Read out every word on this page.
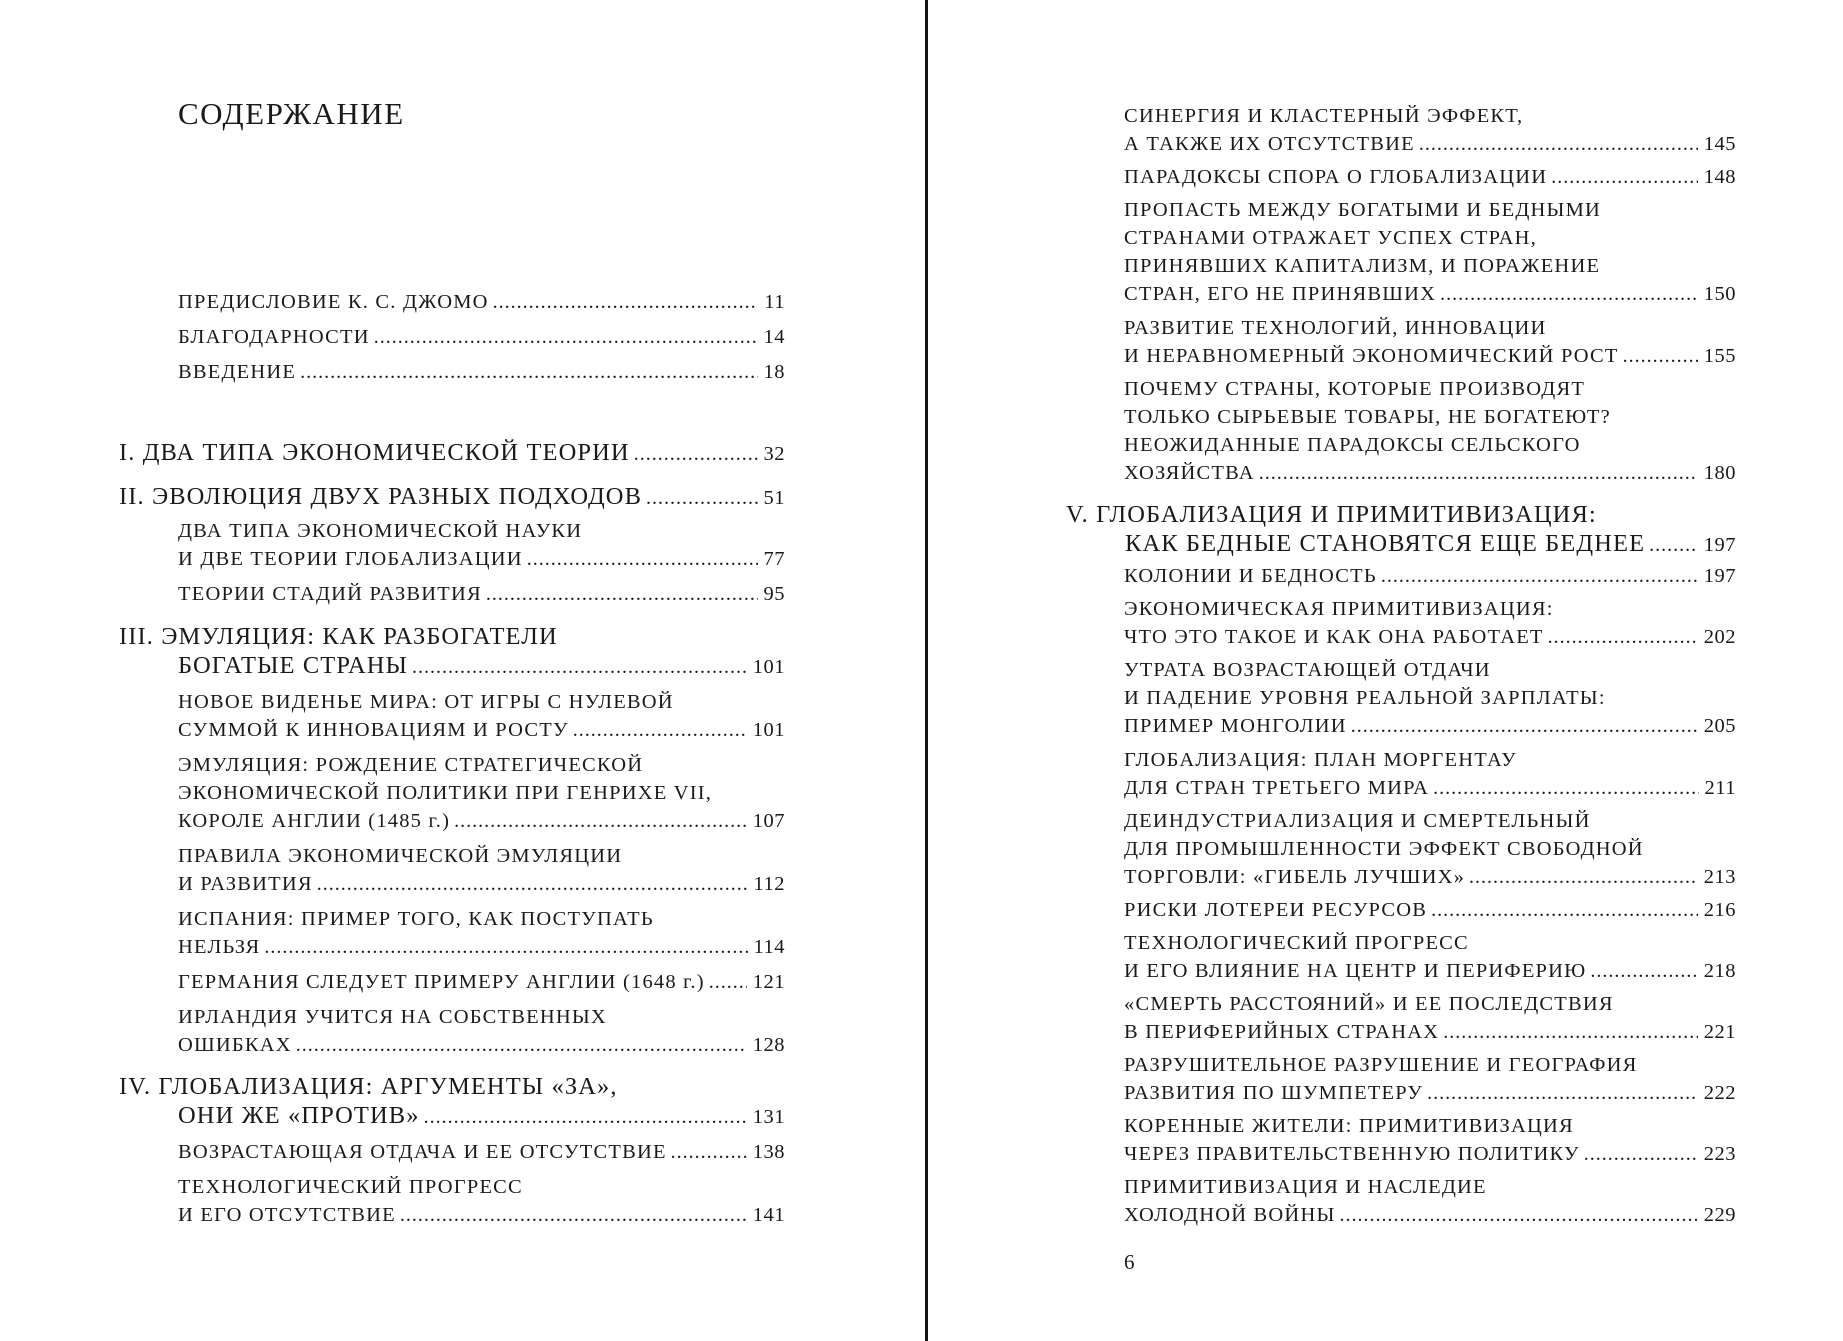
СОДЕРЖАНИЕ
ПРЕДИСЛОВИЕ К. С. ДЖОМО . . .	11
БЛАГОДАРНОСТИ . . .	14
ВВЕДЕНИЕ . . .	18
I. ДВА ТИПА ЭКОНОМИЧЕСКОЙ ТЕОРИИ . . .	32
II. ЭВОЛЮЦИЯ ДВУХ РАЗНЫХ ПОДХОДОВ . . .	51
ДВА ТИПА ЭКОНОМИЧЕСКОЙ НАУКИ
И ДВЕ ТЕОРИИ ГЛОБАЛИЗАЦИИ . . .	77
ТЕОРИИ СТАДИЙ РАЗВИТИЯ . . .	95
III. ЭМУЛЯЦИЯ: КАК РАЗБОГАТЕЛИ
БОГАТЫЕ СТРАНЫ . . .	101
НОВОЕ ВИДЕНЬЕ МИРА: ОТ ИГРЫ С НУЛЕВОЙ
СУММОЙ К ИННОВАЦИЯМ И РОСТУ . . .	101
ЭМУЛЯЦИЯ: РОЖДЕНИЕ СТРАТЕГИЧЕСКОЙ
ЭКОНОМИЧЕСКОЙ ПОЛИТИКИ ПРИ ГЕНРИХЕ VII,
КОРОЛЕ АНГЛИИ (1485 г.) . . .	107
ПРАВИЛА ЭКОНОМИЧЕСКОЙ ЭМУЛЯЦИИ
И РАЗВИТИЯ . . .	112
ИСПАНИЯ: ПРИМЕР ТОГО, КАК ПОСТУПАТЬ
НЕЛЬЗЯ . . .	114
ГЕРМАНИЯ СЛЕДУЕТ ПРИМЕРУ АНГЛИИ (1648 г.) . . . 121
ИРЛАНДИЯ УЧИТСЯ НА СОБСТВЕННЫХ
ОШИБКАХ . . .	128
IV. ГЛОБАЛИЗАЦИЯ: АРГУМЕНТЫ «ЗА»,
ОНИ ЖЕ «ПРОТИВ» . . .	131
ВОЗРАСТАЮЩАЯ ОТДАЧА И ЕЕ ОТСУТСТВИЕ . . .	138
ТЕХНОЛОГИЧЕСКИЙ ПРОГРЕСС
И ЕГО ОТСУТСТВИЕ . . .	141
СИНЕРГИЯ И КЛАСТЕРНЫЙ ЭФФЕКТ,
А ТАКЖЕ ИХ ОТСУТСТВИЕ . . .	145
ПАРАДОКСЫ СПОРА О ГЛОБАЛИЗАЦИИ . . .	148
ПРОПАСТЬ МЕЖДУ БОГАТЫМИ И БЕДНЫМИ
СТРАНАМИ ОТРАЖАЕТ УСПЕХ СТРАН,
ПРИНЯВШИХ КАПИТАЛИЗМ, И ПОРАЖЕНИЕ
СТРАН, ЕГО НЕ ПРИНЯВШИХ . . .	150
РАЗВИТИЕ ТЕХНОЛОГИЙ, ИННОВАЦИИ
И НЕРАВНОМЕРНЫЙ ЭКОНОМИЧЕСКИЙ РОСТ . . .	155
ПОЧЕМУ СТРАНЫ, КОТОРЫЕ ПРОИЗВОДЯТ
ТОЛЬКО СЫРЬЕВЫЕ ТОВАРЫ, НЕ БОГАТЕЮТ?
НЕОЖИДАННЫЕ ПАРАДОКСЫ СЕЛЬСКОГО
ХОЗЯЙСТВА . . .	180
V. ГЛОБАЛИЗАЦИЯ И ПРИМИТИВИЗАЦИЯ:
КАК БЕДНЫЕ СТАНОВЯТСЯ ЕЩЕ БЕДНЕЕ . . .	197
КОЛОНИИ И БЕДНОСТЬ . . .	197
ЭКОНОМИЧЕСКАЯ ПРИМИТИВИЗАЦИЯ:
ЧТО ЭТО ТАКОЕ И КАК ОНА РАБОТАЕТ . . .	202
УТРАТА ВОЗРАСТАЮЩЕЙ ОТДАЧИ
И ПАДЕНИЕ УРОВНЯ РЕАЛЬНОЙ ЗАРПЛАТЫ:
ПРИМЕР МОНГОЛИИ . . .	205
ГЛОБАЛИЗАЦИЯ: ПЛАН МОРГЕНТАУ
ДЛЯ СТРАН ТРЕТЬЕГО МИРА . . .	211
ДЕИНДУСТРИАЛИЗАЦИЯ И СМЕРТЕЛЬНЫЙ
ДЛЯ ПРОМЫШЛЕННОСТИ ЭФФЕКТ СВОБОДНОЙ
ТОРГОВЛИ: «ГИБЕЛЬ ЛУЧШИХ» . . .	213
РИСКИ ЛОТЕРЕИ РЕСУРСОВ . . .	216
ТЕХНОЛОГИЧЕСКИЙ ПРОГРЕСС
И ЕГО ВЛИЯНИЕ НА ЦЕНТР И ПЕРИФЕРИЮ . . .	218
«СМЕРТЬ РАССТОЯНИЙ» И ЕЕ ПОСЛЕДСТВИЯ
В ПЕРИФЕРИЙНЫХ СТРАНАХ . . .	221
РАЗРУШИТЕЛЬНОЕ РАЗРУШЕНИЕ И ГЕОГРАФИЯ
РАЗВИТИЯ ПО ШУМПЕТЕРУ . . .	222
КОРЕННЫЕ ЖИТЕЛИ: ПРИМИТИВИЗАЦИЯ
ЧЕРЕЗ ПРАВИТЕЛЬСТВЕННУЮ ПОЛИТИКУ . . .	223
ПРИМИТИВИЗАЦИЯ И НАСЛЕДИЕ
ХОЛОДНОЙ ВОЙНЫ . . .	229
6
